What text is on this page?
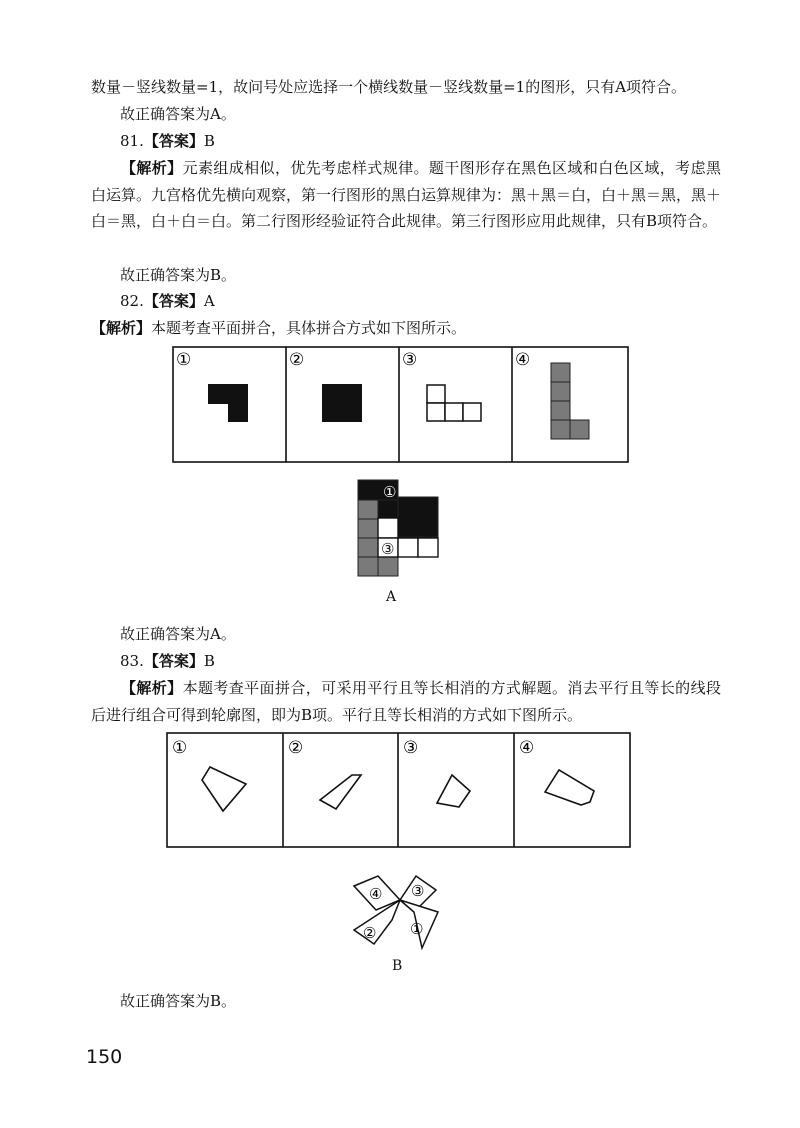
数量－竖线数量=1，故问号处应选择一个横线数量－竖线数量=1的图形，只有A项符合。
故正确答案为A。
81.【答案】B
【解析】元素组成相似，优先考虑样式规律。题干图形存在黑色区域和白色区域，考虑黑白运算。九宫格优先横向观察，第一行图形的黑白运算规律为：黑＋黑＝白，白＋黑＝黑，黑＋白＝黑，白＋白＝白。第二行图形经验证符合此规律。第三行图形应用此规律，只有B项符合。
故正确答案为B。
82.【答案】A
【解析】本题考查平面拼合，具体拼合方式如下图所示。
①	②	③	④
①
③
A
故正确答案为A。
83.【答案】B
【解析】本题考查平面拼合，可采用平行且等长相消的方式解题。消去平行且等长的线段后进行组合可得到轮廓图，即为B项。平行且等长相消的方式如下图所示。
①	②	③	④
④ ③
② ①
B
故正确答案为B。
150
